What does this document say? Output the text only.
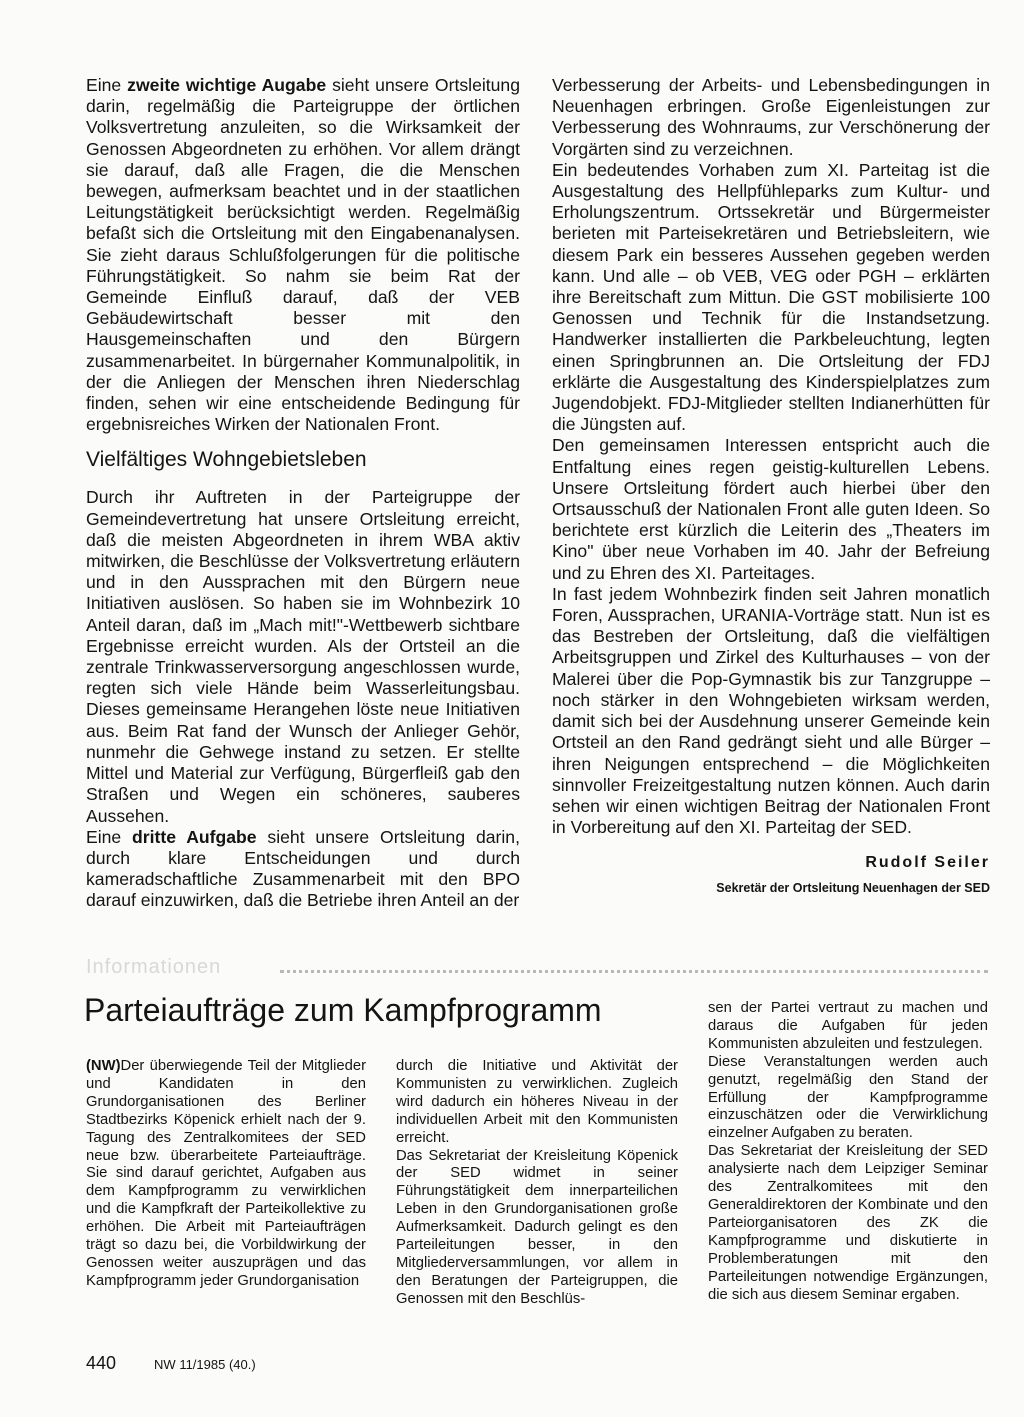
Eine zweite wichtige Augabe sieht unsere Ortsleitung darin, regelmäßig die Parteigruppe der örtlichen Volksvertretung anzuleiten, so die Wirksamkeit der Genossen Abgeordneten zu erhöhen. Vor allem drängt sie darauf, daß alle Fragen, die die Menschen bewegen, aufmerksam beachtet und in der staatlichen Leitungstätigkeit berücksichtigt werden. Regelmäßig befaßt sich die Ortsleitung mit den Eingabenanalysen. Sie zieht daraus Schlußfolgerungen für die politische Führungstätigkeit. So nahm sie beim Rat der Gemeinde Einfluß darauf, daß der VEB Gebäudewirtschaft besser mit den Hausgemeinschaften und den Bürgern zusammenarbeitet. In bürgernaher Kommunalpolitik, in der die Anliegen der Menschen ihren Niederschlag finden, sehen wir eine entscheidende Bedingung für ergebnisreiches Wirken der Nationalen Front.

Vielfältiges Wohngebietsleben

Durch ihr Auftreten in der Parteigruppe der Gemeindevertretung hat unsere Ortsleitung erreicht, daß die meisten Abgeordneten in ihrem WBA aktiv mitwirken, die Beschlüsse der Volksvertretung erläutern und in den Aussprachen mit den Bürgern neue Initiativen auslösen. So haben sie im Wohnbezirk 10 Anteil daran, daß im „Mach mit!"-Wettbewerb sichtbare Ergebnisse erreicht wurden. Als der Ortsteil an die zentrale Trinkwasserversorgung angeschlossen wurde, regten sich viele Hände beim Wasserleitungsbau. Dieses gemeinsame Herangehen löste neue Initiativen aus. Beim Rat fand der Wunsch der Anlieger Gehör, nunmehr die Gehwege instand zu setzen. Er stellte Mittel und Material zur Verfügung, Bürgerfleiß gab den Straßen und Wegen ein schöneres, sauberes Aussehen.

Eine dritte Aufgabe sieht unsere Ortsleitung darin, durch klare Entscheidungen und durch kameradschaftliche Zusammenarbeit mit den BPO darauf einzuwirken, daß die Betriebe ihren Anteil an der

Verbesserung der Arbeits- und Lebensbedingungen in Neuenhagen erbringen. Große Eigenleistungen zur Verbesserung des Wohnraums, zur Verschönerung der Vorgärten sind zu verzeichnen.

Ein bedeutendes Vorhaben zum XI. Parteitag ist die Ausgestaltung des Hellpfühleparks zum Kultur- und Erholungszentrum. Ortssekretär und Bürgermeister berieten mit Parteisekretären und Betriebsleitern, wie diesem Park ein besseres Aussehen gegeben werden kann. Und alle – ob VEB, VEG oder PGH – erklärten ihre Bereitschaft zum Mittun. Die GST mobilisierte 100 Genossen und Technik für die Instandsetzung. Handwerker installierten die Parkbeleuchtung, legten einen Springbrunnen an. Die Ortsleitung der FDJ erklärte die Ausgestaltung des Kinderspielplatzes zum Jugendobjekt. FDJ-Mitglieder stellten Indianerhütten für die Jüngsten auf.

Den gemeinsamen Interessen entspricht auch die Entfaltung eines regen geistig-kulturellen Lebens. Unsere Ortsleitung fördert auch hierbei über den Ortsausschuß der Nationalen Front alle guten Ideen. So berichtete erst kürzlich die Leiterin des „Theaters im Kino" über neue Vorhaben im 40. Jahr der Befreiung und zu Ehren des XI. Parteitages.

In fast jedem Wohnbezirk finden seit Jahren monatlich Foren, Aussprachen, URANIA-Vorträge statt. Nun ist es das Bestreben der Ortsleitung, daß die vielfältigen Arbeitsgruppen und Zirkel des Kulturhauses – von der Malerei über die Pop-Gymnastik bis zur Tanzgruppe – noch stärker in den Wohngebieten wirksam werden, damit sich bei der Ausdehnung unserer Gemeinde kein Ortsteil an den Rand gedrängt sieht und alle Bürger – ihren Neigungen entsprechend – die Möglichkeiten sinnvoller Freizeitgestaltung nutzen können. Auch darin sehen wir einen wichtigen Beitrag der Nationalen Front in Vorbereitung auf den XI. Parteitag der SED.

Rudolf Seiler
Sekretär der Ortsleitung Neuenhagen der SED
Informationen
Parteiaufträge zum Kampfprogramm

(NW)Der überwiegende Teil der Mitglieder und Kandidaten in den Grundorganisationen des Berliner Stadtbezirks Köpenick erhielt nach der 9. Tagung des Zentralkomitees der SED neue bzw. überarbeitete Parteiaufträge. Sie sind darauf gerichtet, Aufgaben aus dem Kampfprogramm zu verwirklichen und die Kampfkraft der Parteikollektive zu erhöhen. Die Arbeit mit Parteiaufträgen trägt so dazu bei, die Vorbildwirkung der Genossen weiter auszuprägen und das Kampfprogramm jeder Grundorganisation

durch die Initiative und Aktivität der Kommunisten zu verwirklichen. Zugleich wird dadurch ein höheres Niveau in der individuellen Arbeit mit den Kommunisten erreicht.

Das Sekretariat der Kreisleitung Köpenick der SED widmet in seiner Führungstätigkeit dem innerparteilichen Leben in den Grundorganisationen große Aufmerksamkeit. Dadurch gelingt es den Parteileitungen besser, in den Mitgliederversammlungen, vor allem in den Beratungen der Parteigruppen, die Genossen mit den Beschlüs-

sen der Partei vertraut zu machen und daraus die Aufgaben für jeden Kommunisten abzuleiten und festzulegen.

Diese Veranstaltungen werden auch genutzt, regelmäßig den Stand der Erfüllung der Kampfprogramme einzuschätzen oder die Verwirklichung einzelner Aufgaben zu beraten.

Das Sekretariat der Kreisleitung der SED analysierte nach dem Leipziger Seminar des Zentralkomitees mit den Generaldirektoren der Kombinate und den Parteiorganisatoren des ZK die Kampfprogramme und diskutierte in Problemberatungen mit den Parteileitungen notwendige Ergänzungen, die sich aus diesem Seminar ergaben.

440	NW 11/1985 (40.)
